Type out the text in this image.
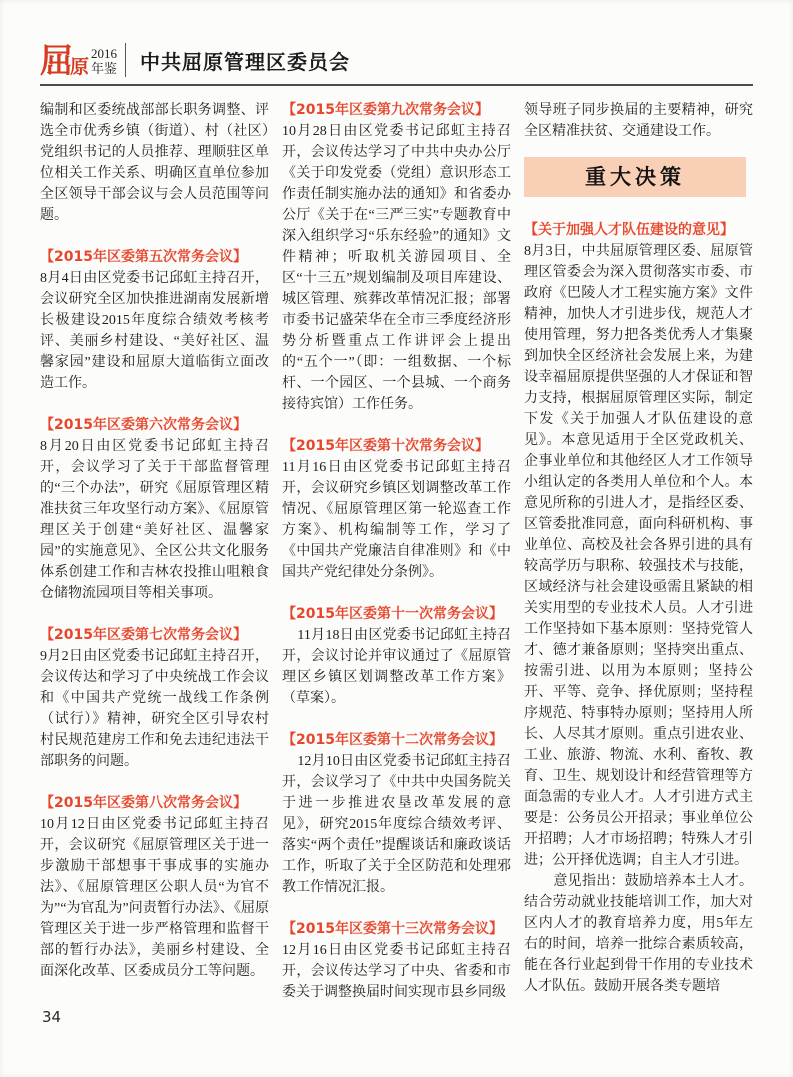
屈 原
2016
年鉴 中共屈原管理区委员会

编制和区委统战部部长职务调整、评选全市优秀乡镇（街道）、村（社区）党组织书记的人员推荐、理顺驻区单位相关工作关系、明确区直单位参加全区领导干部会议与会人员范围等问题。

【2015年区委第五次常务会议】

8月4日由区党委书记邱虹主持召开，会议研究全区加快推进湖南发展新增长极建设2015年度综合绩效考核考评、美丽乡村建设、“美好社区、温馨家园”建设和屈原大道临街立面改造工作。

【2015年区委第六次常务会议】

8月20日由区党委书记邱虹主持召开，会议学习了关于干部监督管理的“三个办法”，研究《屈原管理区精准扶贫三年攻坚行动方案》、《屈原管理区关于创建“美好社区、温馨家园”的实施意见》、全区公共文化服务体系创建工作和吉林农投推山咀粮食仓储物流园项目等相关事项。

【2015年区委第七次常务会议】

9月2日由区党委书记邱虹主持召开，会议传达和学习了中央统战工作会议和《中国共产党统一战线工作条例（试行）》精神，研究全区引导农村村民规范建房工作和免去违纪违法干部职务的问题。

【2015年区委第八次常务会议】

10月12日由区党委书记邱虹主持召开，会议研究《屈原管理区关于进一步激励干部想事干事成事的实施办法》、《屈原管理区公职人员“为官不为”“为官乱为”问责暂行办法》、《屈原管理区关于进一步严格管理和监督干部的暂行办法》，美丽乡村建设、全面深化改革、区委成员分工等问题。

【2015年区委第九次常务会议】

10月28日由区党委书记邱虹主持召开，会议传达学习了中共中央办公厅《关于印发党委（党组）意识形态工作责任制实施办法的通知》和省委办公厅《关于在“三严三实”专题教育中深入组织学习“乐东经验”的通知》文件精神；听取机关游园项目、全区“十三五”规划编制及项目库建设、城区管理、殡葬改革情况汇报；部署市委书记盛荣华在全市三季度经济形势分析暨重点工作讲评会上提出的“五个一”（即：一组数据、一个标杆、一个园区、一个县城、一个商务接待宾馆）工作任务。

【2015年区委第十次常务会议】

11月16日由区党委书记邱虹主持召开，会议研究乡镇区划调整改革工作情况、《屈原管理区第一轮巡查工作方案》、机构编制等工作，学习了《中国共产党廉洁自律准则》和《中国共产党纪律处分条例》。

【2015年区委第十一次常务会议】

11月18日由区党委书记邱虹主持召开，会议讨论并审议通过了《屈原管理区乡镇区划调整改革工作方案》（草案）。

【2015年区委第十二次常务会议】

12月10日由区党委书记邱虹主持召开，会议学习了《中共中央国务院关于进一步推进农垦改革发展的意见》，研究2015年度综合绩效考评、落实“两个责任”提醒谈话和廉政谈话工作，听取了关于全区防范和处理邪教工作情况汇报。

【2015年区委第十三次常务会议】

12月16日由区党委书记邱虹主持召开，会议传达学习了中央、省委和市委关于调整换届时间实现市县乡同级

领导班子同步换届的主要精神，研究全区精准扶贫、交通建设工作。

重大决策
【关于加强人才队伍建设的意见】

8月3日，中共屈原管理区委、屈原管理区管委会为深入贯彻落实市委、市政府《巴陵人才工程实施方案》文件精神，加快人才引进步伐，规范人才使用管理，努力把各类优秀人才集聚到加快全区经济社会发展上来，为建设幸福屈原提供坚强的人才保证和智力支持，根据屈原管理区实际，制定下发《关于加强人才队伍建设的意见》。本意见适用于全区党政机关、企事业单位和其他经区人才工作领导小组认定的各类用人单位和个人。本意见所称的引进人才，是指经区委、区管委批准同意，面向科研机构、事业单位、高校及社会各界引进的具有较高学历与职称、较强技术与技能，区域经济与社会建设亟需且紧缺的相关实用型的专业技术人员。人才引进工作坚持如下基本原则：坚持党管人才、德才兼备原则；坚持突出重点、按需引进、以用为本原则；坚持公开、平等、竞争、择优原则；坚持程序规范、特事特办原则；坚持用人所长、人尽其才原则。重点引进农业、工业、旅游、物流、水利、畜牧、教育、卫生、规划设计和经营管理等方面急需的专业人才。人才引进方式主要是：公务员公开招录；事业单位公开招聘；人才市场招聘；特殊人才引进；公开择优选调；自主人才引进。

意见指出：鼓励培养本土人才。结合劳动就业技能培训工作，加大对区内人才的教育培养力度，用5年左右的时间，培养一批综合素质较高，能在各行业起到骨干作用的专业技术人才队伍。鼓励开展各类专题培

34
